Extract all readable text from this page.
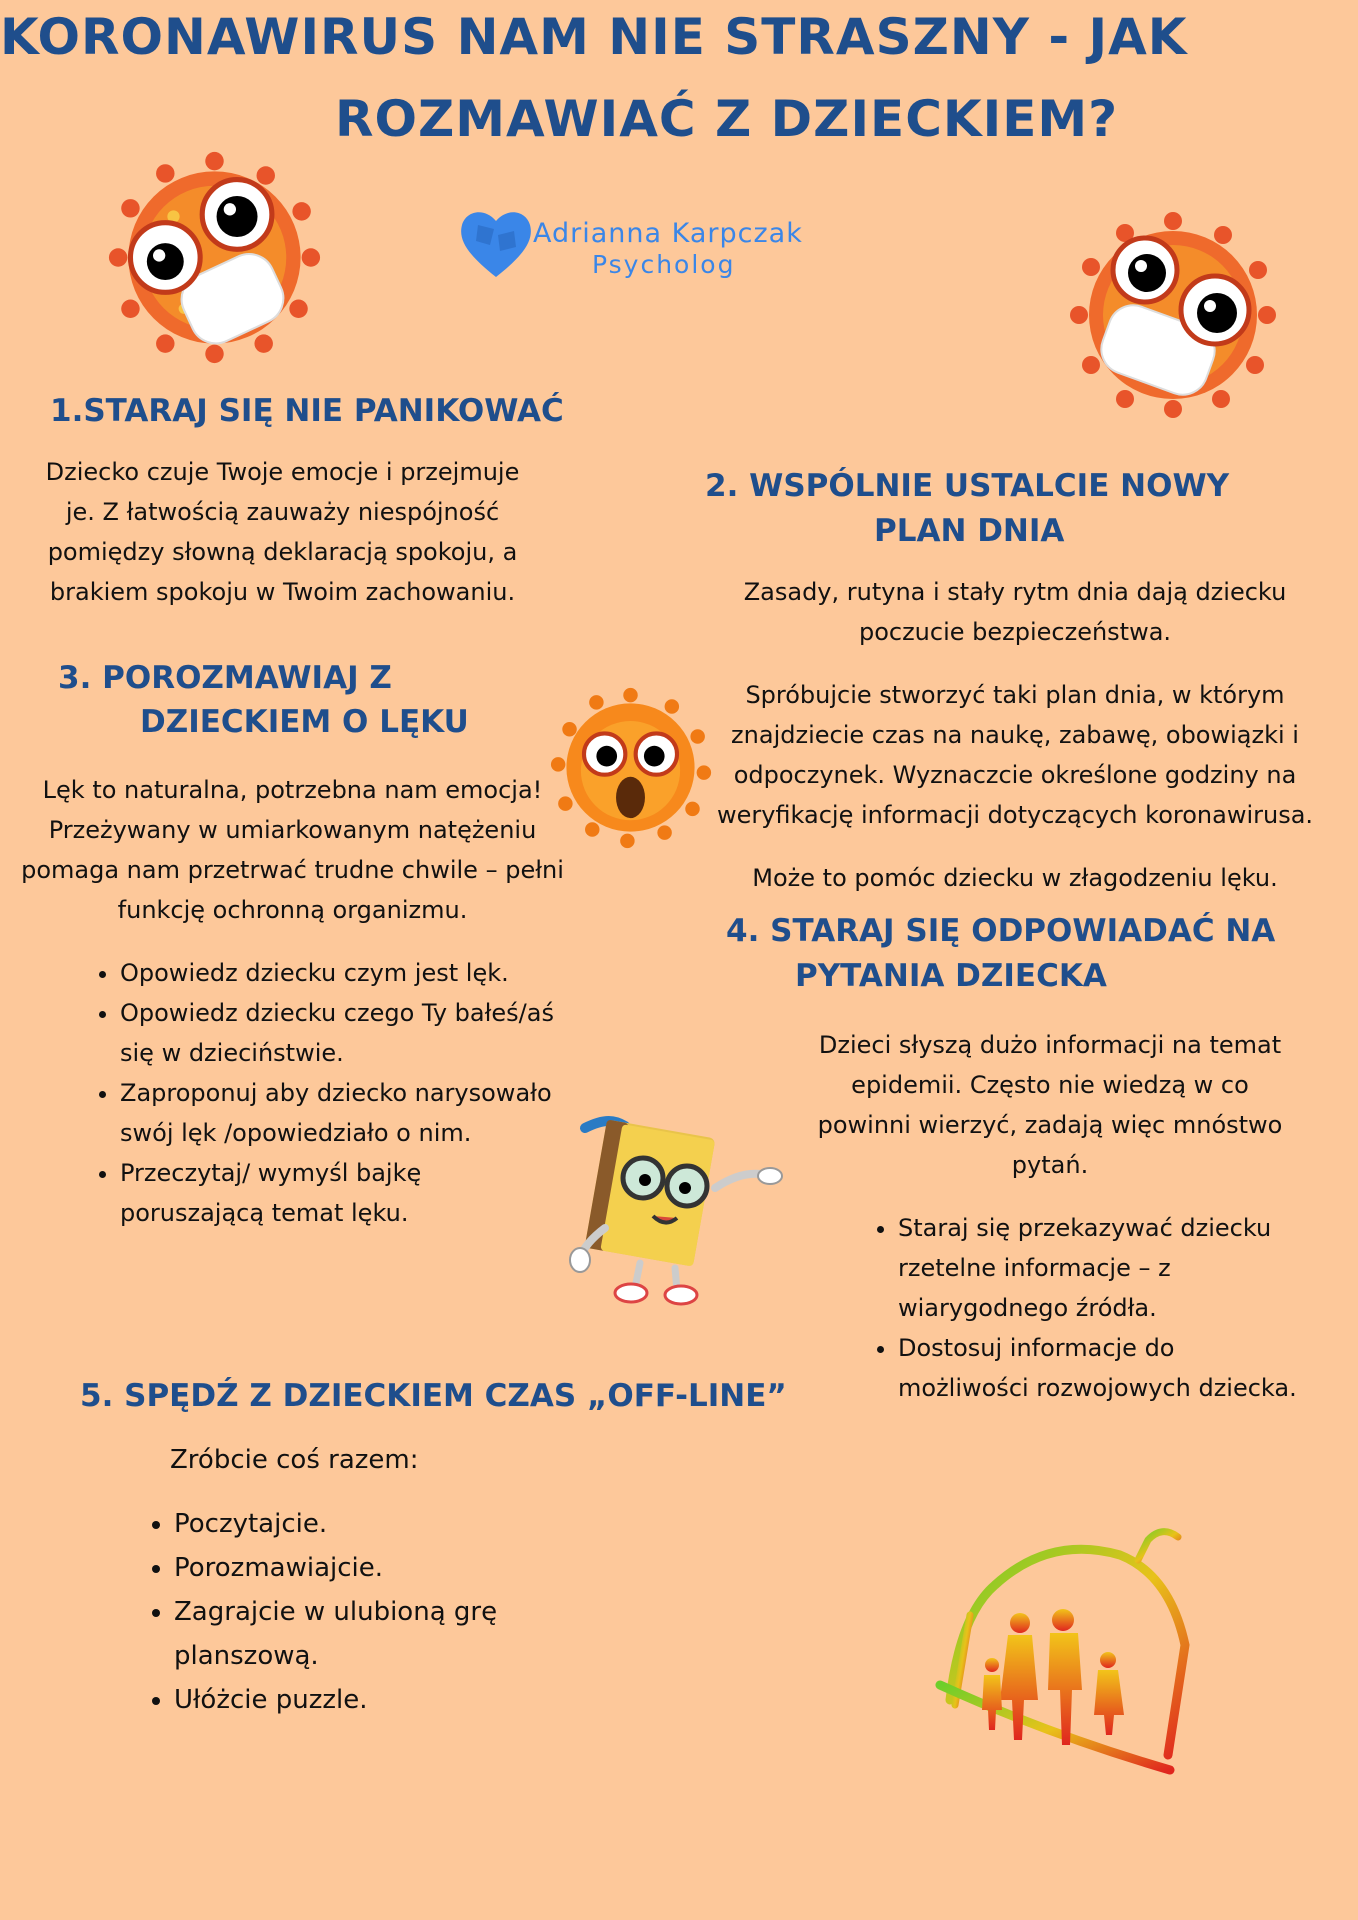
KORONAWIRUS NAM NIE STRASZNY - JAK
ROZMAWIAĆ Z DZIECKIEM?
Adrianna Karpczak
Psycholog
1.STARAJ SIĘ NIE PANIKOWAĆ
Dziecko czuje Twoje emocje i przejmuje
je. Z łatwością zauważy niespójność
pomiędzy słowną deklaracją spokoju, a
brakiem spokoju w Twoim zachowaniu.
2. WSPÓLNIE USTALCIE NOWY
PLAN DNIA
Zasady, rutyna i stały rytm dnia dają dziecku
poczucie bezpieczeństwa.
Spróbujcie stworzyć taki plan dnia, w którym
znajdziecie czas na naukę, zabawę, obowiązki i
odpoczynek. Wyznaczcie określone godziny na
weryfikację informacji dotyczących koronawirusa.
Może to pomóc dziecku w złagodzeniu lęku.
3. POROZMAWIAJ Z
DZIECKIEM O LĘKU
Lęk to naturalna, potrzebna nam emocja!
Przeżywany w umiarkowanym natężeniu
pomaga nam przetrwać trudne chwile – pełni
funkcję ochronną organizmu.
• Opowiedz dziecku czym jest lęk.
• Opowiedz dziecku czego Ty bałeś/aś
się w dzieciństwie.
• Zaproponuj aby dziecko narysowało
swój lęk /opowiedziało o nim.
• Przeczytaj/ wymyśl bajkę
poruszającą temat lęku.
4. STARAJ SIĘ ODPOWIADAĆ NA
PYTANIA DZIECKA
Dzieci słyszą dużo informacji na temat
epidemii. Często nie wiedzą w co
powinni wierzyć, zadają więc mnóstwo
pytań.
• Staraj się przekazywać dziecku
rzetelne informacje – z
wiarygodnego źródła.
• Dostosuj informacje do
możliwości rozwojowych dziecka.
5. SPĘDŹ Z DZIECKIEM CZAS „OFF-LINE”
Zróbcie coś razem:
• Poczytajcie.
• Porozmawiajcie.
• Zagrajcie w ulubioną grę
planszową.
• Ułóżcie puzzle.
